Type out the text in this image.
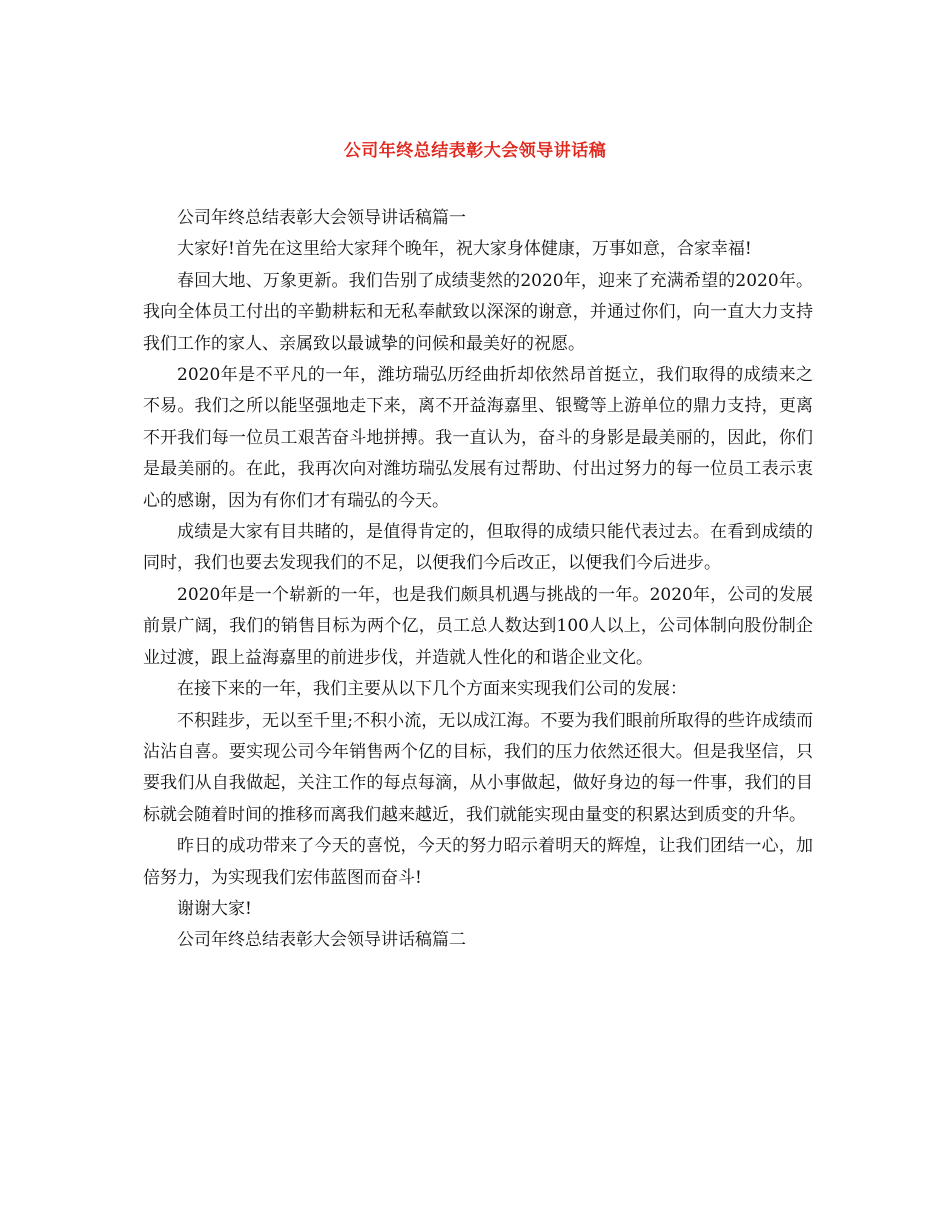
公司年终总结表彰大会领导讲话稿

公司年终总结表彰大会领导讲话稿篇一

大家好!首先在这里给大家拜个晚年，祝大家身体健康，万事如意，合家幸福!

春回大地、万象更新。我们告别了成绩斐然的2020年，迎来了充满希望的2020年。我向全体员工付出的辛勤耕耘和无私奉献致以深深的谢意，并通过你们，向一直大力支持我们工作的家人、亲属致以最诚挚的问候和最美好的祝愿。

2020年是不平凡的一年，潍坊瑞弘历经曲折却依然昂首挺立，我们取得的成绩来之不易。我们之所以能坚强地走下来，离不开益海嘉里、银鹭等上游单位的鼎力支持，更离不开我们每一位员工艰苦奋斗地拼搏。我一直认为，奋斗的身影是最美丽的，因此，你们是最美丽的。在此，我再次向对潍坊瑞弘发展有过帮助、付出过努力的每一位员工表示衷心的感谢，因为有你们才有瑞弘的今天。

成绩是大家有目共睹的，是值得肯定的，但取得的成绩只能代表过去。在看到成绩的同时，我们也要去发现我们的不足，以便我们今后改正，以便我们今后进步。

2020年是一个崭新的一年，也是我们颇具机遇与挑战的一年。2020年，公司的发展前景广阔，我们的销售目标为两个亿，员工总人数达到100人以上，公司体制向股份制企业过渡，跟上益海嘉里的前进步伐，并造就人性化的和谐企业文化。

在接下来的一年，我们主要从以下几个方面来实现我们公司的发展：

不积跬步，无以至千里;不积小流，无以成江海。不要为我们眼前所取得的些许成绩而沾沾自喜。要实现公司今年销售两个亿的目标，我们的压力依然还很大。但是我坚信，只要我们从自我做起，关注工作的每点每滴，从小事做起，做好身边的每一件事，我们的目标就会随着时间的推移而离我们越来越近，我们就能实现由量变的积累达到质变的升华。

昨日的成功带来了今天的喜悦，今天的努力昭示着明天的辉煌，让我们团结一心，加倍努力，为实现我们宏伟蓝图而奋斗!

谢谢大家!

公司年终总结表彰大会领导讲话稿篇二
